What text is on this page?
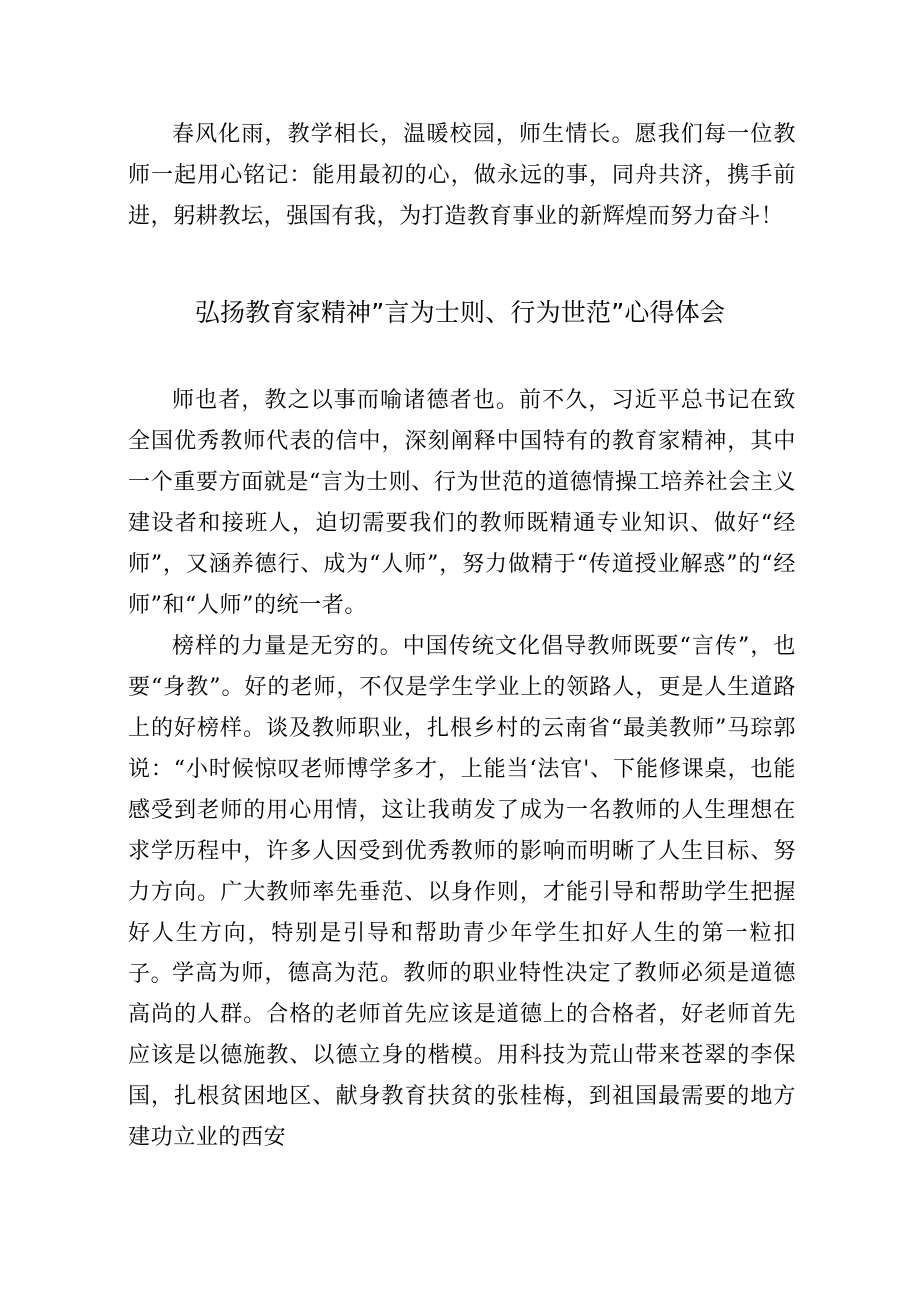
春风化雨，教学相长，温暖校园，师生情长。愿我们每一位教师一起用心铭记：能用最初的心，做永远的事，同舟共济，携手前进，躬耕教坛，强国有我，为打造教育事业的新辉煌而努力奋斗！

弘扬教育家精神”言为士则、行为世范”心得体会

师也者，教之以事而喻诸德者也。前不久，习近平总书记在致全国优秀教师代表的信中，深刻阐释中国特有的教育家精神，其中一个重要方面就是“言为士则、行为世范的道德情操工培养社会主义建设者和接班人，迫切需要我们的教师既精通专业知识、做好“经师”，又涵养德行、成为“人师”，努力做精于“传道授业解惑”的“经师”和“人师”的统一者。

榜样的力量是无穷的。中国传统文化倡导教师既要“言传”，也要“身教”。好的老师，不仅是学生学业上的领路人，更是人生道路上的好榜样。谈及教师职业，扎根乡村的云南省“最美教师”马琮郭说：“小时候惊叹老师博学多才，上能当‘法官'、下能修课桌，也能感受到老师的用心用情，这让我萌发了成为一名教师的人生理想在求学历程中，许多人因受到优秀教师的影响而明晰了人生目标、努力方向。广大教师率先垂范、以身作则，才能引导和帮助学生把握好人生方向，特别是引导和帮助青少年学生扣好人生的第一粒扣子。

学高为师，德高为范。教师的职业特性决定了教师必须是道德高尚的人群。合格的老师首先应该是道德上的合格者，好老师首先应该是以德施教、以德立身的楷模。用科技为荒山带来苍翠的李保国，扎根贫困地区、献身教育扶贫的张桂梅，到祖国最需要的地方建功立业的西安
